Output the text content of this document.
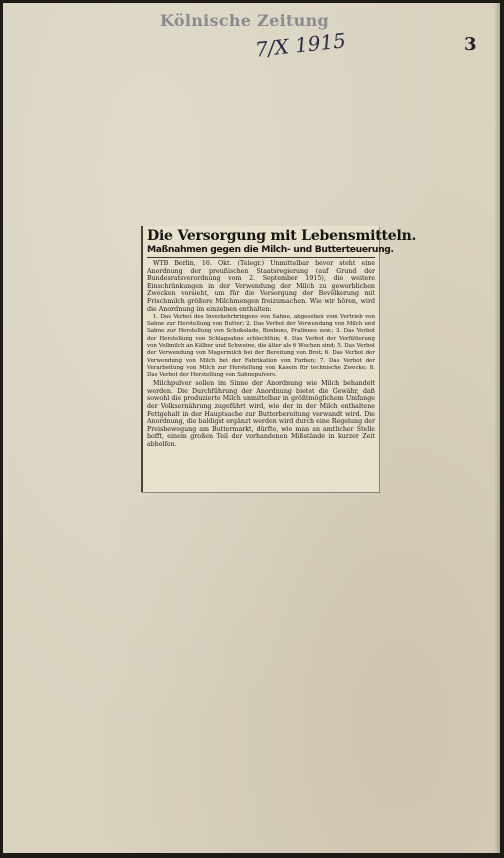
Kölnische Zeitung
7/X 1915	3
Die Versorgung mit Lebensmitteln.
Maßnahmen gegen die Milch- und Butterteuerung.

WTB Berlin, 16. Okt. (Telegr.) Unmittelbar bevor steht eine Anordnung der preußischen Staatsregierung (auf Grund der Bundesratsverordnung vom 2. September 1915), die weitere Einschränkungen in der Verwendung der Milch zu gewerblichen Zwecken vorsieht, um für die Versorgung der Bevölkerung mit Frischmilch größere Milchmengen freizumachen. Wie wir hören, wird die Anordnung im einzelnen enthalten:

1. Das Verbot des Inverkehrbringens von Sahne, abgesehen vom Vertrieb von Sahne zur Herstellung von Butter; 2. Das Verbot der Verwendung von Milch und Sahne zur Herstellung von Schokolade, Bonbons, Pralinees usw.; 3. Das Verbot der Herstellung von Schlagsahne schlechthin; 4. Das Verbot der Verfütterung von Vollmilch an Kälber und Schweine, die älter als 6 Wochen sind; 5. Das Verbot der Verwendung von Magermilch bei der Bereitung von Brot; 6. Das Verbot der Verwendung von Milch bei der Fabrikation von Farben; 7. Das Verbot der Verarbeitung von Milch zur Herstellung von Kasein für technische Zwecke; 8. Das Verbot der Herstellung von Sahnepulvers.

Milchpulver sollen im Sinne der Anordnung wie Milch behandelt werden. Die Durchführung der Anordnung bietet die Gewähr, daß sowohl die produzierte Milch unmittelbar in größtmöglichem Umfange der Volksernährung zugeführt wird, wie der in der Milch enthaltene Fettgehalt in der Hauptsache zur Butterbereitung verwandt wird. Die Anordnung, die baldigst ergänzt werden wird durch eine Regelung der Preisbewegung am Buttermarkt, dürfte, wie man an amtlicher Stelle hofft, einem großen Teil der vorhandenen Mißstände in kurzer Zeit abhelfen.
